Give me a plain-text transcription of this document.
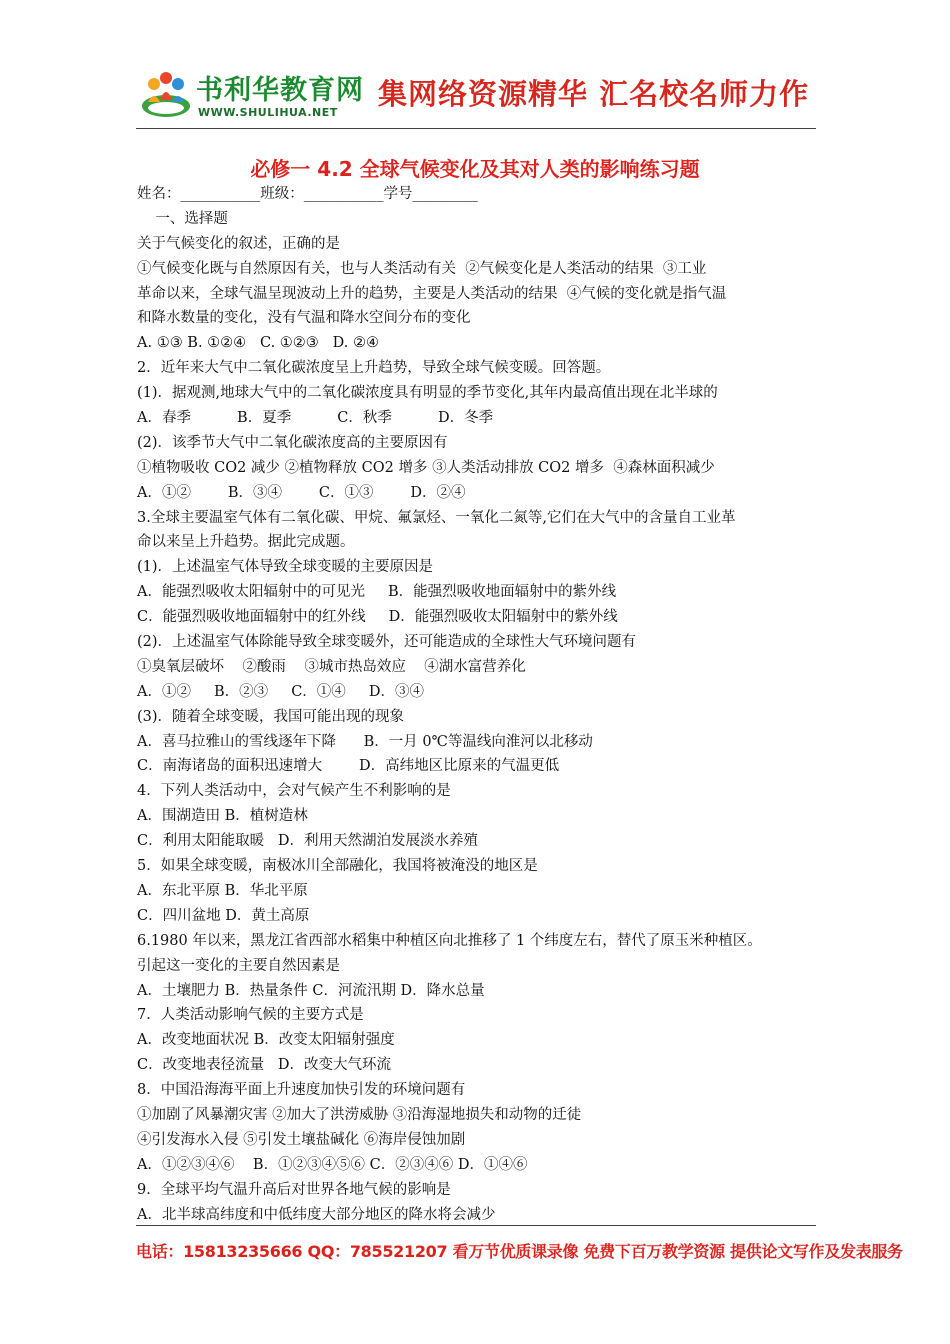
书利华教育网
WWW.SHULIHUA.NET
集网络资源精华 汇名校名师力作
必修一 4.2 全球气候变化及其对人类的影响练习题
姓名：___________班级：___________学号_________
一、选择题
关于气候变化的叙述，正确的是
①气候变化既与自然原因有关，也与人类活动有关  ②气候变化是人类活动的结果  ③工业
革命以来，全球气温呈现波动上升的趋势，主要是人类活动的结果  ④气候的变化就是指气温
和降水数量的变化，没有气温和降水空间分布的变化
A. ①③ B. ①②④   C. ①②③   D. ②④
2．近年来大气中二氧化碳浓度呈上升趋势，导致全球气候变暖。回答题。
(1)．据观测,地球大气中的二氧化碳浓度具有明显的季节变化,其年内最高值出现在北半球的
A．春季          B．夏季          C．秋季          D．冬季
(2)．该季节大气中二氧化碳浓度高的主要原因有
①植物吸收 CO2 减少 ②植物释放 CO2 增多 ③人类活动排放 CO2 增多  ④森林面积减少
A．①②        B．③④        C．①③        D．②④
3.全球主要温室气体有二氧化碳、甲烷、氟氯烃、一氧化二氮等,它们在大气中的含量自工业革
命以来呈上升趋势。据此完成题。
(1)．上述温室气体导致全球变暖的主要原因是
A．能强烈吸收太阳辐射中的可见光     B．能强烈吸收地面辐射中的紫外线
C．能强烈吸收地面辐射中的红外线     D．能强烈吸收太阳辐射中的紫外线
(2)．上述温室气体除能导致全球变暖外，还可能造成的全球性大气环境问题有
①臭氧层破坏    ②酸雨    ③城市热岛效应    ④湖水富营养化
A．①②     B．②③     C．①④     D．③④
(3)．随着全球变暖，我国可能出现的现象
A．喜马拉雅山的雪线逐年下降      B．一月 0℃等温线向淮河以北移动
C．南海诸岛的面积迅速增大        D．高纬地区比原来的气温更低
4．下列人类活动中，会对气候产生不利影响的是
A．围湖造田 B．植树造林
C．利用太阳能取暖   D．利用天然湖泊发展淡水养殖
5．如果全球变暖，南极冰川全部融化，我国将被淹没的地区是
A．东北平原 B．华北平原
C．四川盆地 D．黄土高原
6.1980 年以来，黑龙江省西部水稻集中种植区向北推移了 1 个纬度左右，替代了原玉米种植区。
引起这一变化的主要自然因素是
A．土壤肥力 B．热量条件 C．河流汛期 D．降水总量
7．人类活动影响气候的主要方式是
A．改变地面状况 B．改变太阳辐射强度
C．改变地表径流量   D．改变大气环流
8．中国沿海海平面上升速度加快引发的环境问题有
①加剧了风暴潮灾害 ②加大了洪涝威胁 ③沿海湿地损失和动物的迁徒
④引发海水入侵 ⑤引发土壤盐碱化 ⑥海岸侵蚀加剧
A．①②③④⑥    B．①②③④⑤⑥ C．②③④⑥ D．①④⑥
9．全球平均气温升高后对世界各地气候的影响是
A．北半球高纬度和中低纬度大部分地区的降水将会减少
电话：15813235666 QQ：785521207 看万节优质课录像 免费下百万教学资源 提供论文写作及发表服务
